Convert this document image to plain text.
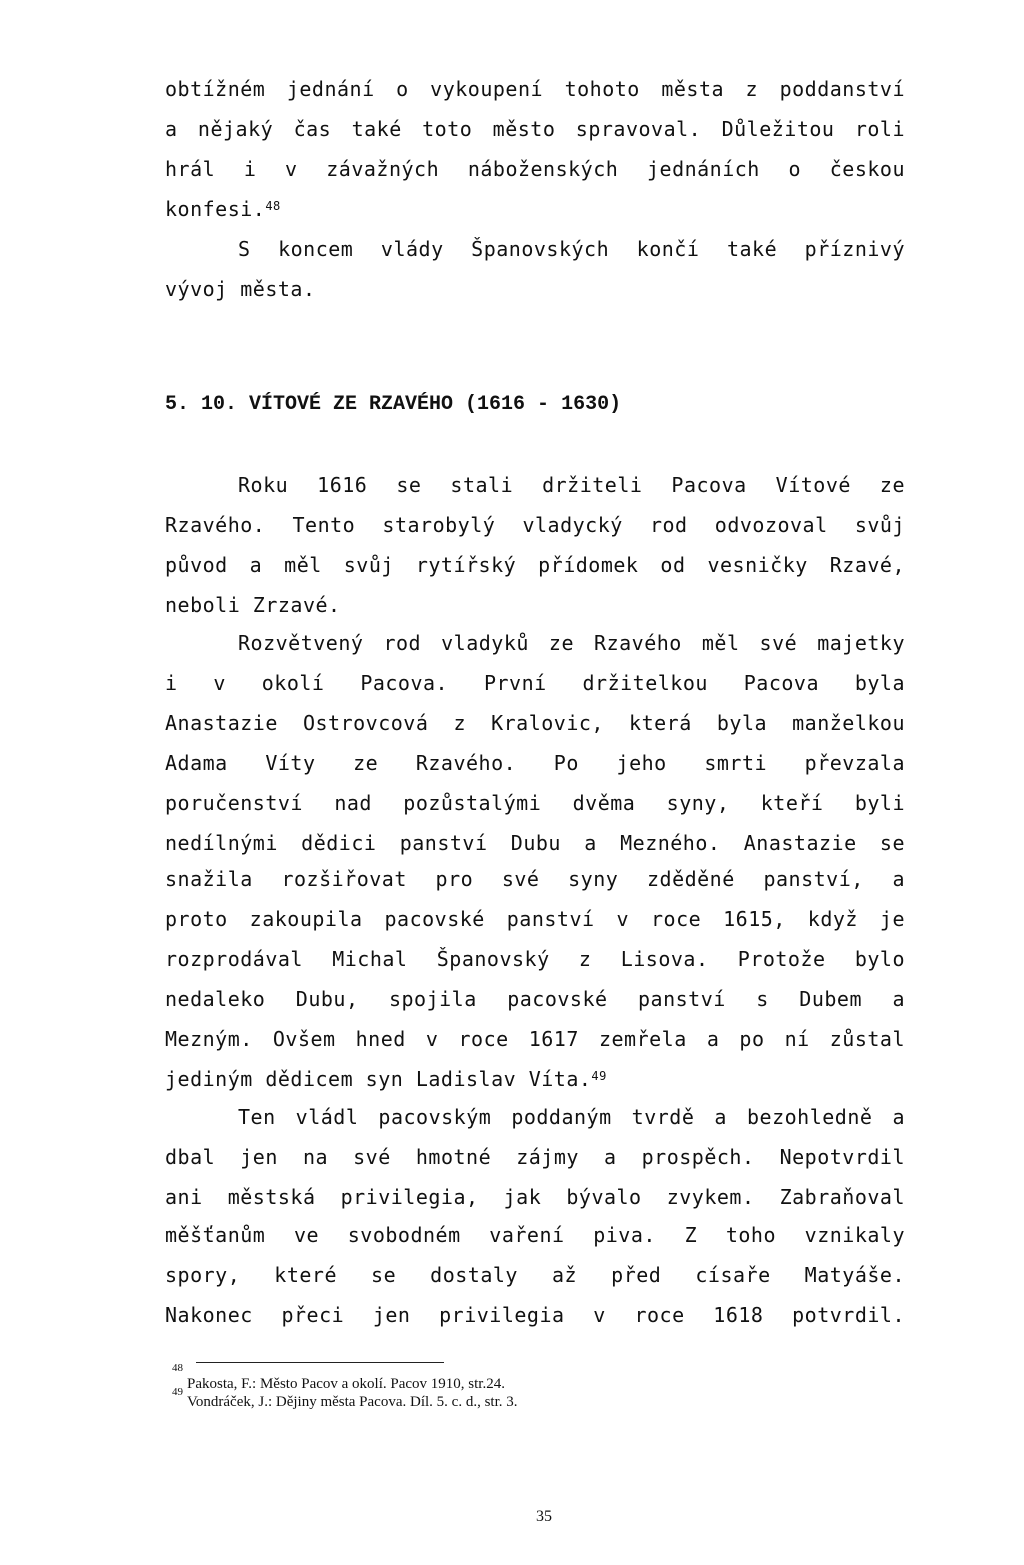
obtížném jednání o vykoupení tohoto města z poddanství
a nějaký čas také toto město spravoval. Důležitou roli
hrál i v závažných náboženských jednáních o českou
konfesi.$^{48}$
S koncem vlády Španovských končí také příznivý
vývoj města.
5. 10. VÍTOVÉ ZE RZAVÉHO (1616 - 1630)
Roku 1616 se stali držiteli Pacova Vítové ze
Rzavého. Tento starobylý vladycký rod odvozoval svůj
původ a měl svůj rytířský přídomek od vesničky Rzavé,
neboli Zrzavé.
Rozvětvený rod vladyků ze Rzavého měl své majetky
i v okolí Pacova. První držitelkou Pacova byla
Anastazie Ostrovcová z Kralovic, která byla manželkou
Adama Víty ze Rzavého. Po jeho smrti převzala
poručenství nad pozůstalými dvěma syny, kteří byli
nedílnými dědici panství Dubu a Mezného. Anastazie se
snažila rozšiřovat pro své syny zděděné panství, a
proto zakoupila pacovské panství v roce 1615, když je
rozprodával Michal Španovský z Lisova. Protože bylo
nedaleko Dubu, spojila pacovské panství s Dubem a
Mezným. Ovšem hned v roce 1617 zemřela a po ní zůstal
jediným dědicem syn Ladislav Víta.$^{49}$
Ten vládl pacovským poddaným tvrdě a bezohledně a
dbal jen na své hmotné zájmy a prospěch. Nepotvrdil
ani městská privilegia, jak bývalo zvykem. Zabraňoval
měšťanům ve svobodném vaření piva. Z toho vznikaly
spory, které se dostaly až před císaře Matyáše.
Nakonec přeci jen privilegia v roce 1618 potvrdil.
48
Pakosta, F.: Město Pacov a okolí. Pacov 1910, str.24.
49
Vondráček, J.: Dějiny města Pacova. Díl. 5. c. d., str. 3.
35
